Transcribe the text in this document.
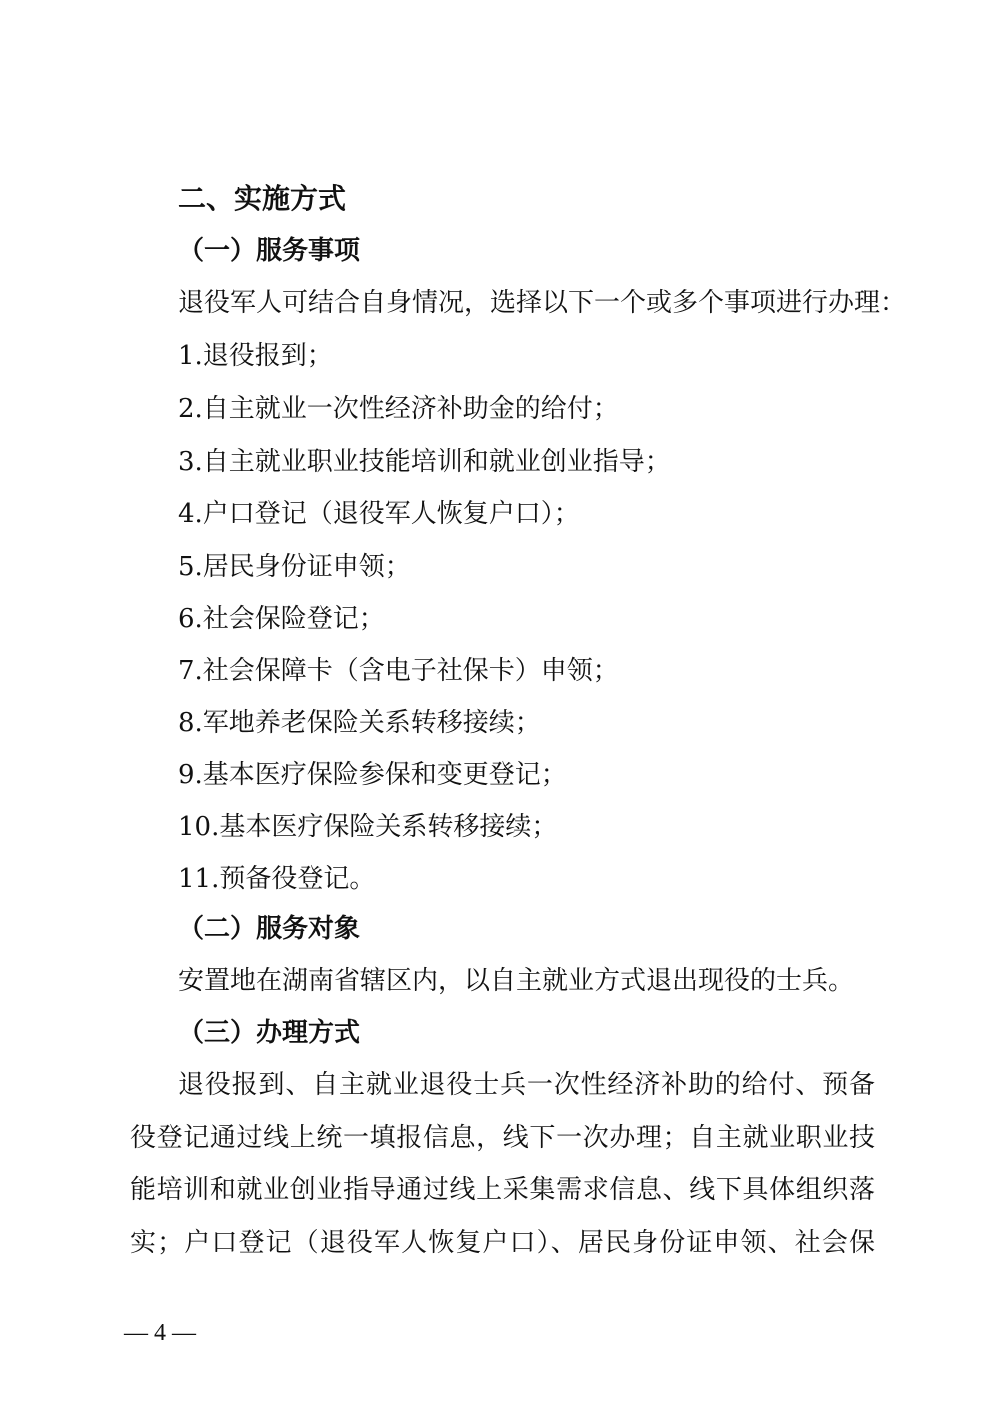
二、实施方式
（一）服务事项
退役军人可结合自身情况，选择以下一个或多个事项进行办理：
1.退役报到；
2.自主就业一次性经济补助金的给付；
3.自主就业职业技能培训和就业创业指导；
4.户口登记（退役军人恢复户口）；
5.居民身份证申领；
6.社会保险登记；
7.社会保障卡（含电子社保卡）申领；
8.军地养老保险关系转移接续；
9.基本医疗保险参保和变更登记；
10.基本医疗保险关系转移接续；
11.预备役登记。
（二）服务对象
安置地在湖南省辖区内，以自主就业方式退出现役的士兵。
（三）办理方式
退役报到、自主就业退役士兵一次性经济补助的给付、预备
役登记通过线上统一填报信息，线下一次办理；自主就业职业技
能培训和就业创业指导通过线上采集需求信息、线下具体组织落
实；户口登记（退役军人恢复户口）、居民身份证申领、社会保
— 4 —
